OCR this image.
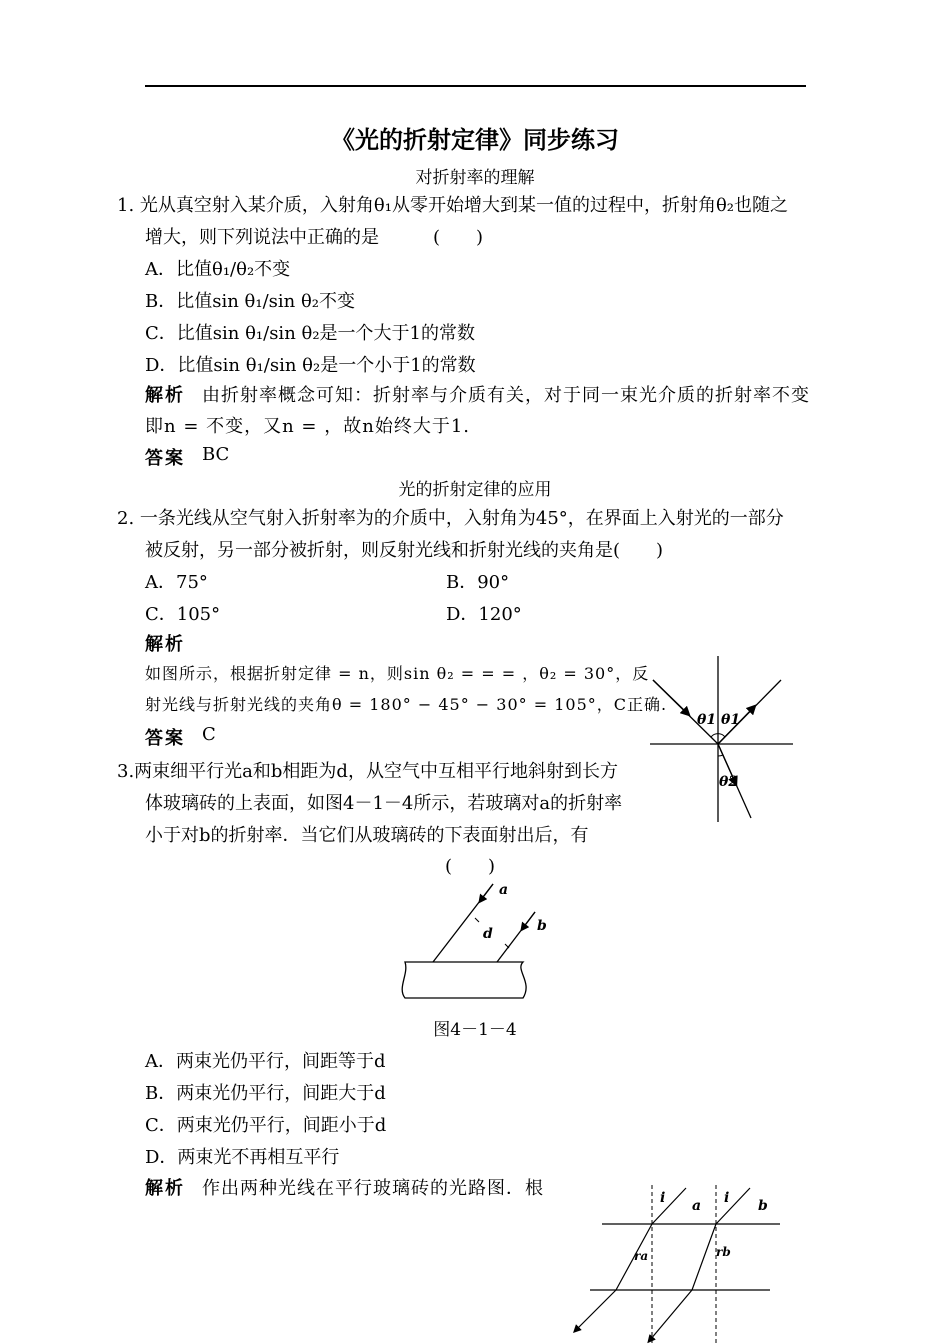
《光的折射定律》同步练习
对折射率的理解
1. 光从真空射入某介质，入射角θ₁从零开始增大到某一值的过程中，折射角θ₂也随之
增大，则下列说法中正确的是　　　(　　)
A．比值θ₁/θ₂不变
B．比值sin θ₁/sin θ₂不变
C．比值sin θ₁/sin θ₂是一个大于1的常数
D．比值sin θ₁/sin θ₂是一个小于1的常数
解析 由折射率概念可知：折射率与介质有关，对于同一束光介质的折射率不变
即n = 不变，又n = ，故n始终大于1.
答案 BC
光的折射定律的应用
2. 一条光线从空气射入折射率为的介质中，入射角为45°，在界面上入射光的一部分
被反射，另一部分被折射，则反射光线和折射光线的夹角是(　　)
A．75°	B．90°
C．105°	D．120°
解析
如图所示，根据折射定律 = n，则sin θ₂ = = = ，θ₂ = 30°，反
射光线与折射光线的夹角θ = 180° − 45° − 30° = 105°，C正确.
答案 C
θ1 θ1
θ2
3.两束细平行光a和b相距为d，从空气中互相平行地斜射到长方
体玻璃砖的上表面，如图4－1－4所示，若玻璃对a的折射率
小于对b的折射率．当它们从玻璃砖的下表面射出后，有
(　　)
a
b
d
图4－1－4
A．两束光仍平行，间距等于d
B．两束光仍平行，间距大于d
C．两束光仍平行，间距小于d
D．两束光不再相互平行
解析 作出两种光线在平行玻璃砖的光路图．根	i a i b
ra	rb
